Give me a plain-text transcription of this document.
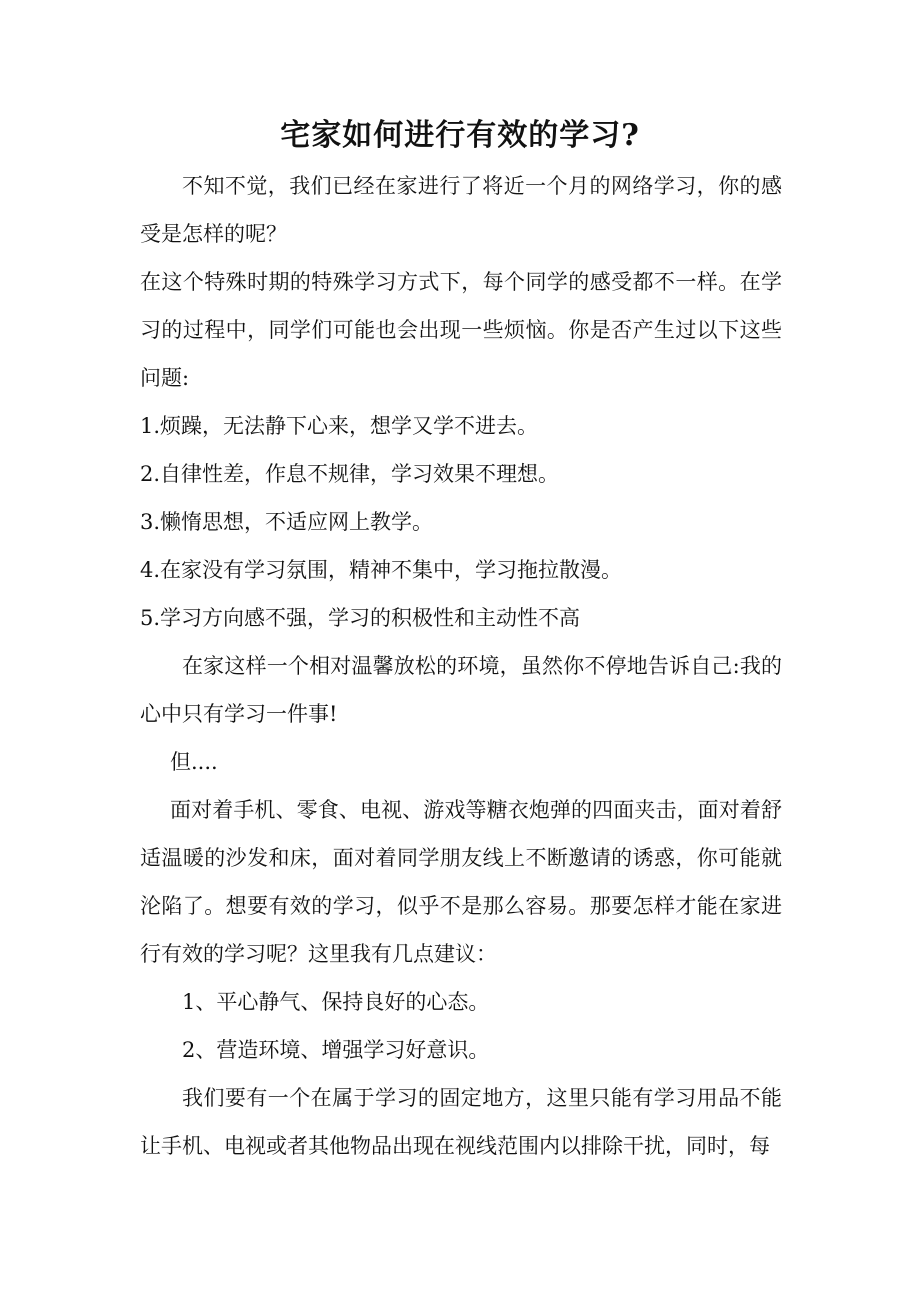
宅家如何进行有效的学习?

不知不觉，我们已经在家进行了将近一个月的网络学习，你的感受是怎样的呢？

在这个特殊时期的特殊学习方式下，每个同学的感受都不一样。在学习的过程中，同学们可能也会出现一些烦恼。你是否产生过以下这些问题:

1.烦躁，无法静下心来，想学又学不进去。

2.自律性差，作息不规律，学习效果不理想。

3.懒惰思想，不适应网上教学。

4.在家没有学习氛围，精神不集中，学习拖拉散漫。

5.学习方向感不强，学习的积极性和主动性不高

在家这样一个相对温馨放松的环境，虽然你不停地告诉自己:我的心中只有学习一件事!

但....

面对着手机、零食、电视、游戏等糖衣炮弹的四面夹击，面对着舒适温暖的沙发和床，面对着同学朋友线上不断邀请的诱惑，你可能就沦陷了。想要有效的学习，似乎不是那么容易。那要怎样才能在家进行有效的学习呢？这里我有几点建议：

1、平心静气、保持良好的心态。

2、营造环境、增强学习好意识。

我们要有一个在属于学习的固定地方，这里只能有学习用品不能让手机、电视或者其他物品出现在视线范围内以排除干扰，同时，每
